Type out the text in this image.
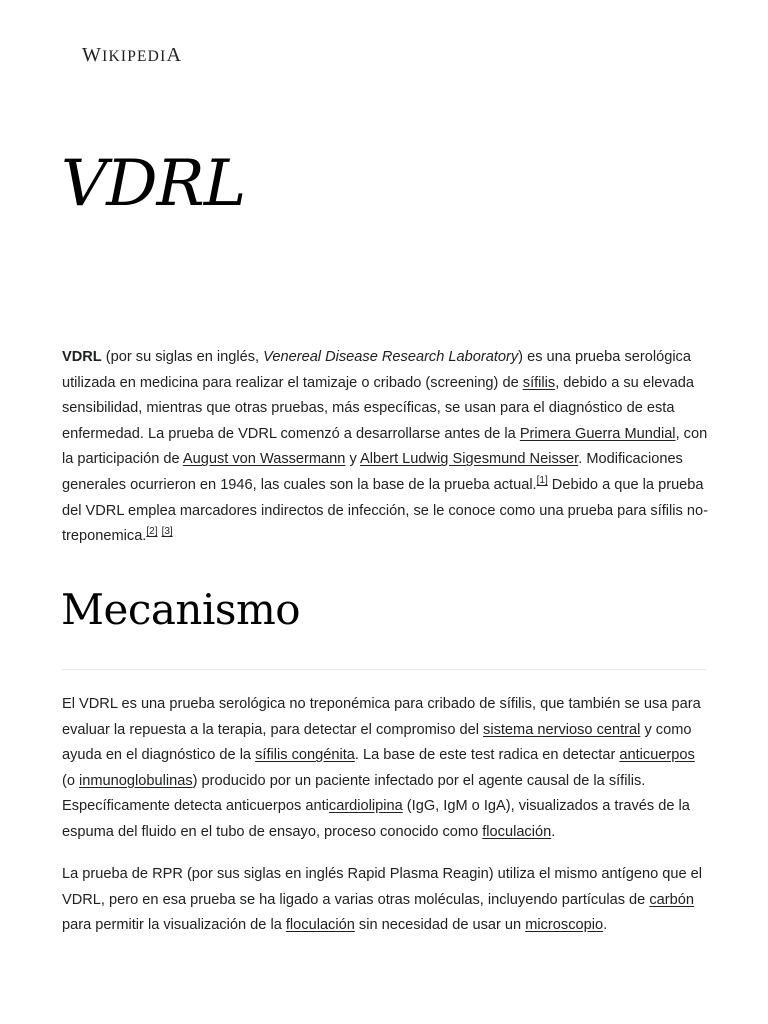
WIKIPEDIA
VDRL

VDRL (por su siglas en inglés, Venereal Disease Research Laboratory) es una prueba serológica utilizada en medicina para realizar el tamizaje o cribado (screening) de sífilis, debido a su elevada sensibilidad, mientras que otras pruebas, más específicas, se usan para el diagnóstico de esta enfermedad. La prueba de VDRL comenzó a desarrollarse antes de la Primera Guerra Mundial, con la participación de August von Wassermann y Albert Ludwig Sigesmund Neisser. Modificaciones generales ocurrieron en 1946, las cuales son la base de la prueba actual.[1] Debido a que la prueba del VDRL emplea marcadores indirectos de infección, se le conoce como una prueba para sífilis no-treponemica.[2] [3]

Mecanismo

El VDRL es una prueba serológica no treponémica para cribado de sífilis, que también se usa para evaluar la repuesta a la terapia, para detectar el compromiso del sistema nervioso central y como ayuda en el diagnóstico de la sífilis congénita. La base de este test radica en detectar anticuerpos (o inmunoglobulinas) producido por un paciente infectado por el agente causal de la sífilis. Específicamente detecta anticuerpos anticardiolipina (IgG, IgM o IgA), visualizados a través de la espuma del fluido en el tubo de ensayo, proceso conocido como floculación.

La prueba de RPR (por sus siglas en inglés Rapid Plasma Reagin) utiliza el mismo antígeno que el VDRL, pero en esa prueba se ha ligado a varias otras moléculas, incluyendo partículas de carbón para permitir la visualización de la floculación sin necesidad de usar un microscopio.
